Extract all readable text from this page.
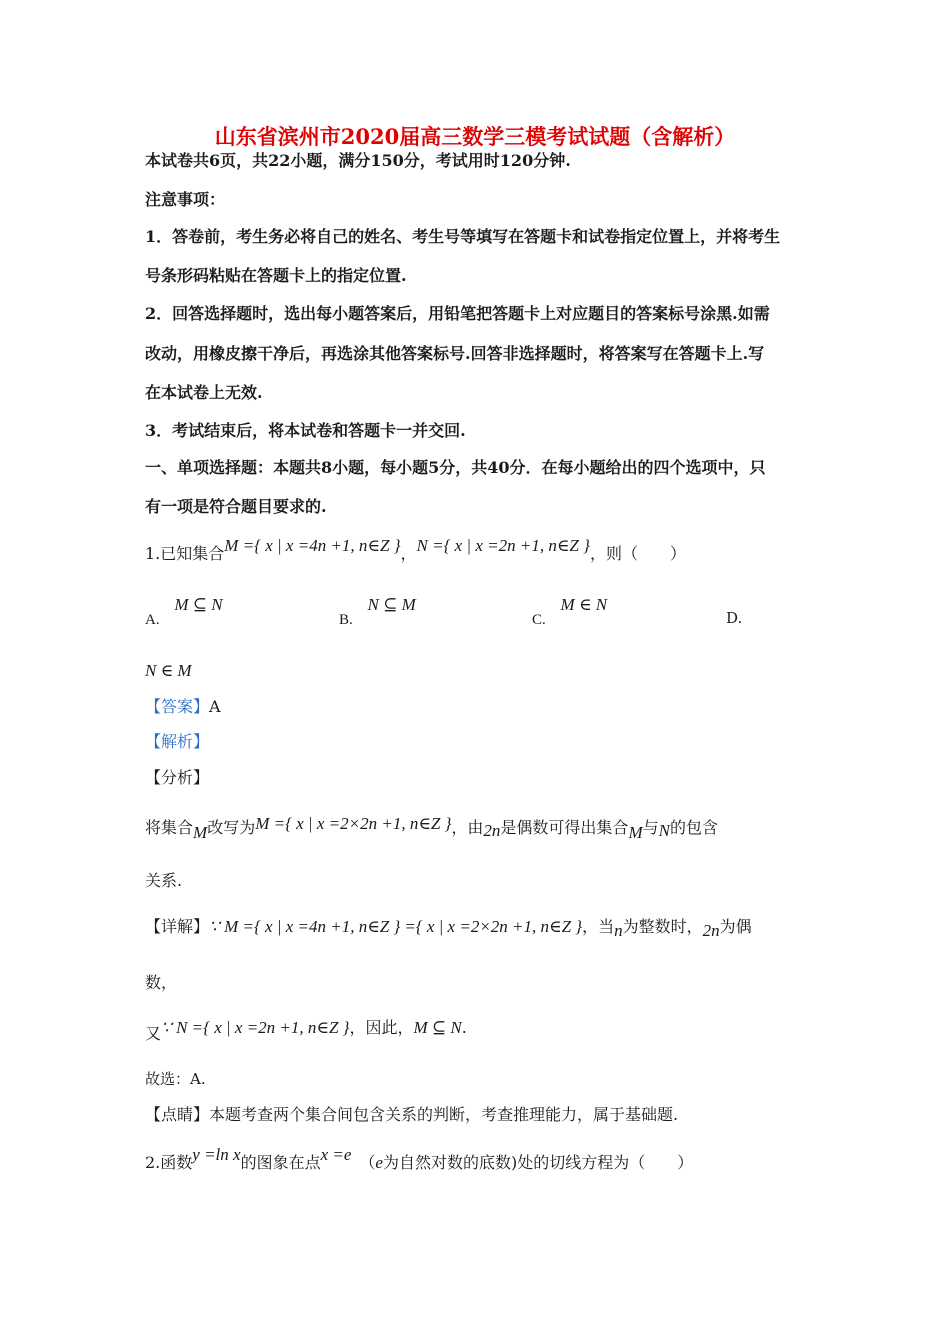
山东省滨州市2020届高三数学三模考试试题（含解析）
本试卷共6页，共22小题，满分150分，考试用时120分钟.
注意事项：
1．答卷前，考生务必将自己的姓名、考生号等填写在答题卡和试卷指定位置上，并将考生
号条形码粘贴在答题卡上的指定位置.
2．回答选择题时，选出每小题答案后，用铅笔把答题卡上对应题目的答案标号涂黑.如需
改动，用橡皮擦干净后，再选涂其他答案标号.回答非选择题时，将答案写在答题卡上.写
在本试卷上无效.
3．考试结束后，将本试卷和答题卡一并交回.
一、单项选择题：本题共8小题，每小题5分，共40分．在每小题给出的四个选项中，只
有一项是符合题目要求的.
1.已知集合M ={ x | x =4n +1, n∈Z }，N ={ x | x =2n +1, n∈Z }，则（　　）
A. M ⊆ N
B. N ⊆ M
C. M ∈ N
D.
N ∈ M
【答案】A
【解析】
【分析】
将集合M改写为M ={ x | x =2×2n +1, n∈Z }，由2n是偶数可得出集合M与N的包含
关系.
【详解】∵ M ={ x | x =4n +1, n∈Z } ={ x | x =2×2n +1, n∈Z }，当n为整数时，2n为偶
数，
又∵ N ={ x | x =2n +1, n∈Z }，因此，M ⊆ N.
故选：A.
【点睛】本题考查两个集合间包含关系的判断，考查推理能力，属于基础题.
2.函数y =ln x的图象在点x =e （e为自然对数的底数)处的切线方程为（　　）
